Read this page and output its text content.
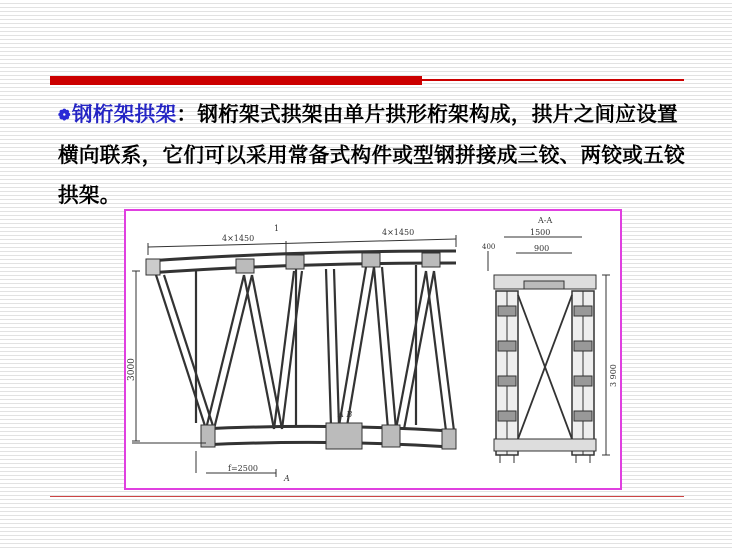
❁钢桁架拱架：钢桁架式拱架由单片拱形桁架构成，拱片之间应设置横向联系，它们可以采用常备式构件或型钢拼接成三铰、两铰或五铰拱架。
4×1450
4×1450
1
3000
A B
f=2500
A
A-A
1500
900
400
3 900
